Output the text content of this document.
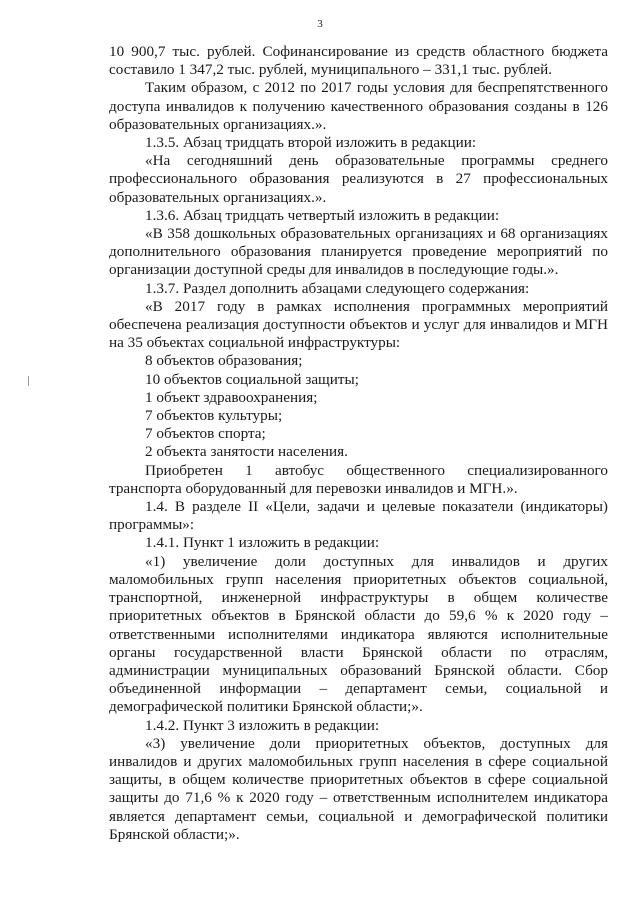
3

10 900,7 тыс. рублей. Софинансирование из средств областного бюджета составило 1 347,2 тыс. рублей, муниципального – 331,1 тыс. рублей.

Таким образом, с 2012 по 2017 годы условия для беспрепятственного доступа инвалидов к получению качественного образования созданы в 126 образовательных организациях.».

1.3.5. Абзац тридцать второй изложить в редакции:

«На сегодняшний день образовательные программы среднего профессионального образования реализуются в 27 профессиональных образовательных организациях.».

1.3.6. Абзац тридцать четвертый изложить в редакции:

«В 358 дошкольных образовательных организациях и 68 организациях дополнительного образования планируется проведение мероприятий по организации доступной среды для инвалидов в последующие годы.».

1.3.7. Раздел дополнить абзацами следующего содержания:

«В 2017 году в рамках исполнения программных мероприятий обеспечена реализация доступности объектов и услуг для инвалидов и МГН на 35 объектах социальной инфраструктуры:

8 объектов образования;

10 объектов социальной защиты;

1 объект здравоохранения;

7 объектов культуры;

7 объектов спорта;

2 объекта занятости населения.

Приобретен 1 автобус общественного специализированного транспорта оборудованный для перевозки инвалидов и МГН.».

1.4. В разделе II «Цели, задачи и целевые показатели (индикаторы) программы»:

1.4.1. Пункт 1 изложить в редакции:

«1) увеличение доли доступных для инвалидов и других маломобильных групп населения приоритетных объектов социальной, транспортной, инженерной инфраструктуры в общем количестве приоритетных объектов в Брянской области до 59,6 % к 2020 году – ответственными исполнителями индикатора являются исполнительные органы государственной власти Брянской области по отраслям, администрации муниципальных образований Брянской области. Сбор объединенной информации – департамент семьи, социальной и демографической политики Брянской области;».

1.4.2. Пункт 3 изложить в редакции:

«3) увеличение доли приоритетных объектов, доступных для инвалидов и других маломобильных групп населения в сфере социальной защиты, в общем количестве приоритетных объектов в сфере социальной защиты до 71,6 % к 2020 году – ответственным исполнителем индикатора является департамент семьи, социальной и демографической политики Брянской области;».
